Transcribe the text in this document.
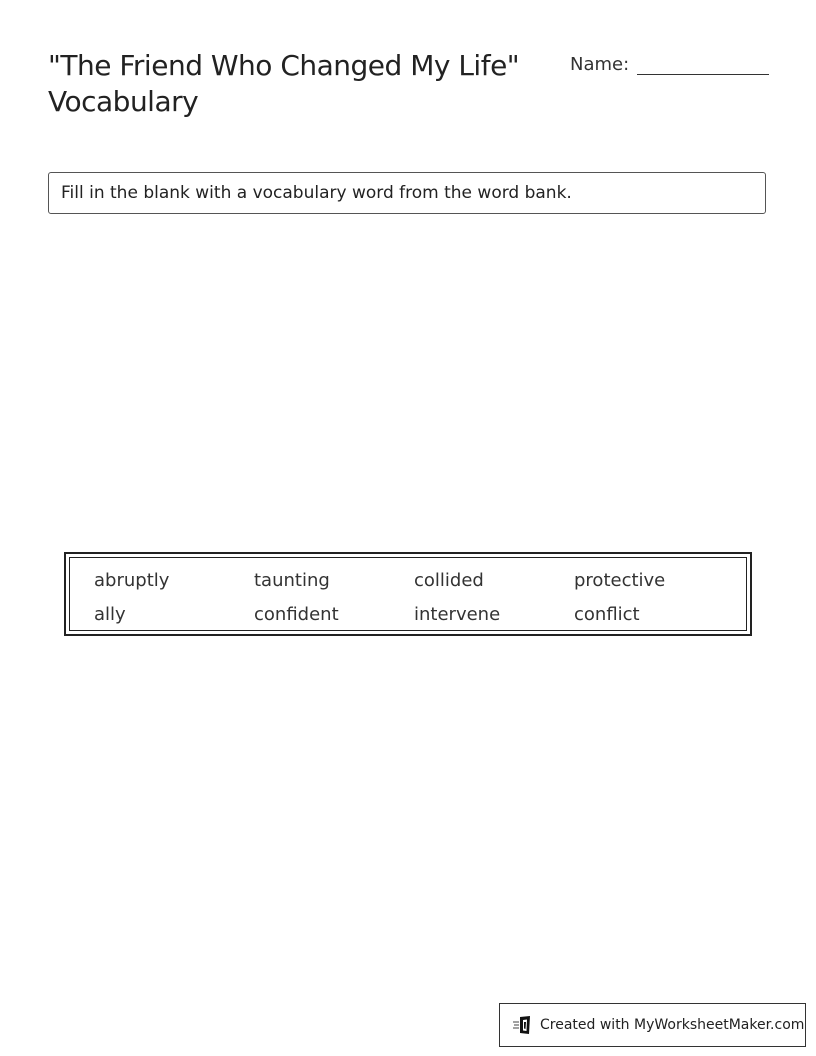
"The Friend Who Changed My Life"
Vocabulary
Name:
Fill in the blank with a vocabulary word from the word bank.
abruptly	taunting	collided	protective
ally	confident	intervene	conflict
Created with MyWorksheetMaker.com
